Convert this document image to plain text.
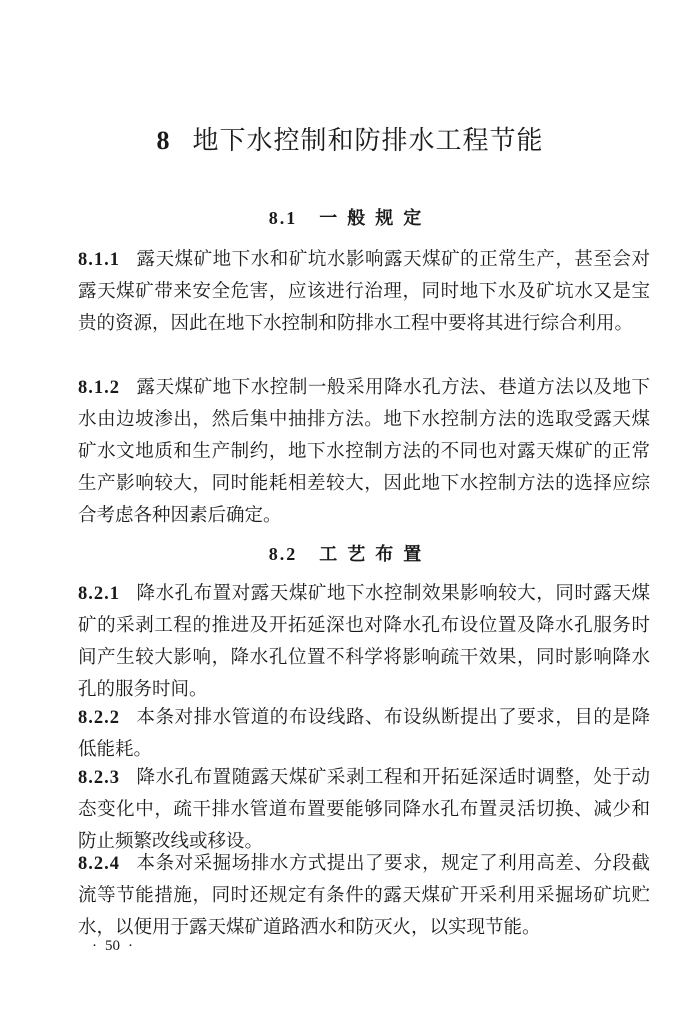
8 地下水控制和防排水工程节能
8.1 一般规定

8.1.1 露天煤矿地下水和矿坑水影响露天煤矿的正常生产，甚至会对露天煤矿带来安全危害，应该进行治理，同时地下水及矿坑水又是宝贵的资源，因此在地下水控制和防排水工程中要将其进行综合利用。

8.1.2 露天煤矿地下水控制一般采用降水孔方法、巷道方法以及地下水由边坡渗出，然后集中抽排方法。地下水控制方法的选取受露天煤矿水文地质和生产制约，地下水控制方法的不同也对露天煤矿的正常生产影响较大，同时能耗相差较大，因此地下水控制方法的选择应综合考虑各种因素后确定。

8.2 工艺布置

8.2.1 降水孔布置对露天煤矿地下水控制效果影响较大，同时露天煤矿的采剥工程的推进及开拓延深也对降水孔布设位置及降水孔服务时间产生较大影响，降水孔位置不科学将影响疏干效果，同时影响降水孔的服务时间。

8.2.2 本条对排水管道的布设线路、布设纵断提出了要求，目的是降低能耗。

8.2.3 降水孔布置随露天煤矿采剥工程和开拓延深适时调整，处于动态变化中，疏干排水管道布置要能够同降水孔布置灵活切换、减少和防止频繁改线或移设。

8.2.4 本条对采掘场排水方式提出了要求，规定了利用高差、分段截流等节能措施，同时还规定有条件的露天煤矿开采利用采掘场矿坑贮水，以便用于露天煤矿道路洒水和防灭火，以实现节能。

· 50 ·
